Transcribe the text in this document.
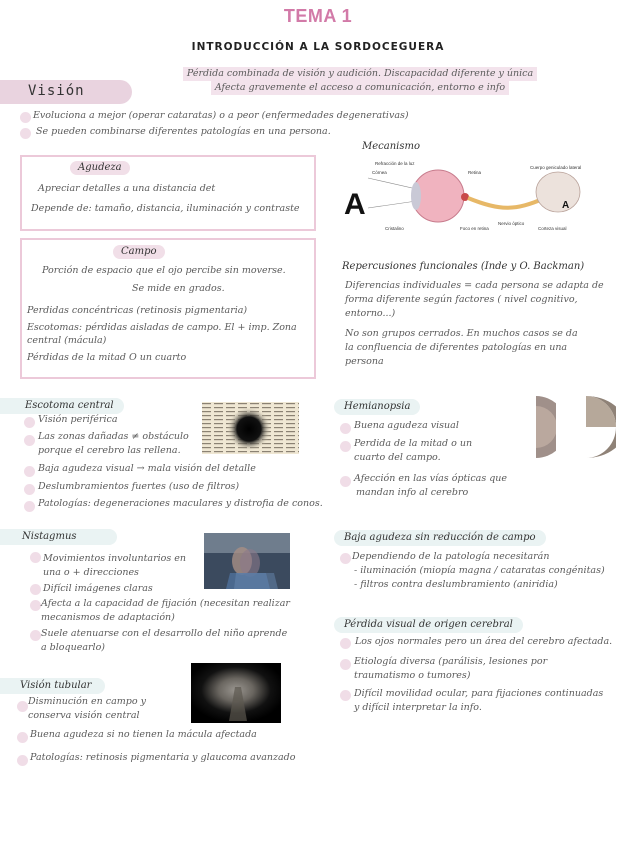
TEMA 1
INTRODUCCIÓN A LA SORDOCEGUERA
Pérdida combinada de visión y audición. Discapacidad diferente y única
Afecta gravemente el acceso a comunicación, entorno e info
Visión
Evoluciona a mejor (operar cataratas) o a peor (enfermedades degenerativas)
Se pueden combinarse diferentes patologías en una persona.
Agudeza
Apreciar detalles a una distancia det
Depende de: tamaño, distancia, iluminación y contraste
Campo
Porción de espacio que el ojo percibe sin moverse.
Se mide en grados.
Perdidas concéntricas (retinosis pigmentaria)
Escotomas: pérdidas aisladas de campo. El + imp. Zona
central (mácula)
Pérdidas de la mitad O un cuarto
Mecanismo
A	A
Refracción de la luz
Córnea	Retina
Cuerpo geniculado lateral
Cristalino	Foco en retina
Nervio óptico
Corteza visual
Repercusiones funcionales (Inde y O. Backman)
Diferencias individuales = cada persona se adapta de
forma diferente según factores ( nivel cognitivo,
entorno...)
No son grupos cerrados. En muchos casos se da
la confluencia de diferentes patologías en una
persona
Escotoma central
Visión periférica
Las zonas dañadas ≠ obstáculo
porque el cerebro las rellena.
Baja agudeza visual → mala visión del detalle
Deslumbramientos fuertes (uso de filtros)
Patologías: degeneraciones maculares y distrofia de conos.
Hemianopsia
Buena agudeza visual
Perdida de la mitad o un
cuarto del campo.
Afección en las vías ópticas que
mandan info al cerebro
Nistagmus
Movimientos involuntarios en
una o + direcciones
Difícil imágenes claras
Afecta a la capacidad de fijación (necesitan realizar
mecanismos de adaptación)
Suele atenuarse con el desarrollo del niño aprende
a bloquearlo)
Baja agudeza sin reducción de campo
Dependiendo de la patología necesitarán
- iluminación (miopía magna / cataratas congénitas)
- filtros contra deslumbramiento (aniridia)
Pérdida visual de origen cerebral
Los ojos normales pero un área del cerebro afectada.
Etiología diversa (parálisis, lesiones por
traumatismo o tumores)
Difícil movilidad ocular, para fijaciones continuadas
y difícil interpretar la info.
Visión tubular
Disminución en campo y
conserva visión central
Buena agudeza si no tienen la mácula afectada
Patologías: retinosis pigmentaria y glaucoma avanzado
